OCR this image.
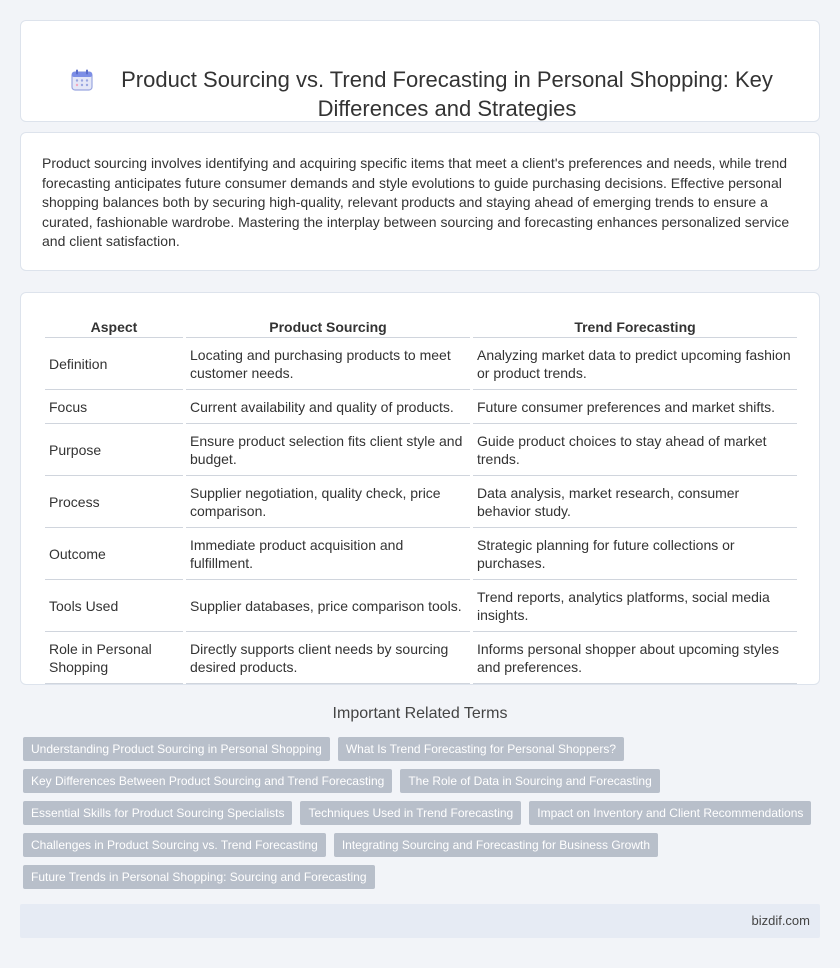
Product Sourcing vs. Trend Forecasting in Personal Shopping: Key Differences and Strategies

Product sourcing involves identifying and acquiring specific items that meet a client's preferences and needs, while trend forecasting anticipates future consumer demands and style evolutions to guide purchasing decisions. Effective personal shopping balances both by securing high-quality, relevant products and staying ahead of emerging trends to ensure a curated, fashionable wardrobe. Mastering the interplay between sourcing and forecasting enhances personalized service and client satisfaction.

Aspect	Product Sourcing	Trend Forecasting
Definition	Locating and purchasing products to meet customer needs.	Analyzing market data to predict upcoming fashion or product trends.
Focus	Current availability and quality of products.	Future consumer preferences and market shifts.
Purpose	Ensure product selection fits client style and budget.	Guide product choices to stay ahead of market trends.
Process	Supplier negotiation, quality check, price comparison.	Data analysis, market research, consumer behavior study.
Outcome	Immediate product acquisition and fulfillment.	Strategic planning for future collections or purchases.
Tools Used	Supplier databases, price comparison tools.	Trend reports, analytics platforms, social media insights.
Role in Personal Shopping	Directly supports client needs by sourcing desired products.	Informs personal shopper about upcoming styles and preferences.
Important Related Terms
Understanding Product Sourcing in Personal Shopping	What Is Trend Forecasting for Personal Shoppers?
Key Differences Between Product Sourcing and Trend Forecasting	The Role of Data in Sourcing and Forecasting
Essential Skills for Product Sourcing Specialists	Techniques Used in Trend Forecasting	Impact on Inventory and Client Recommendations
Challenges in Product Sourcing vs. Trend Forecasting	Integrating Sourcing and Forecasting for Business Growth
Future Trends in Personal Shopping: Sourcing and Forecasting
bizdif.com
